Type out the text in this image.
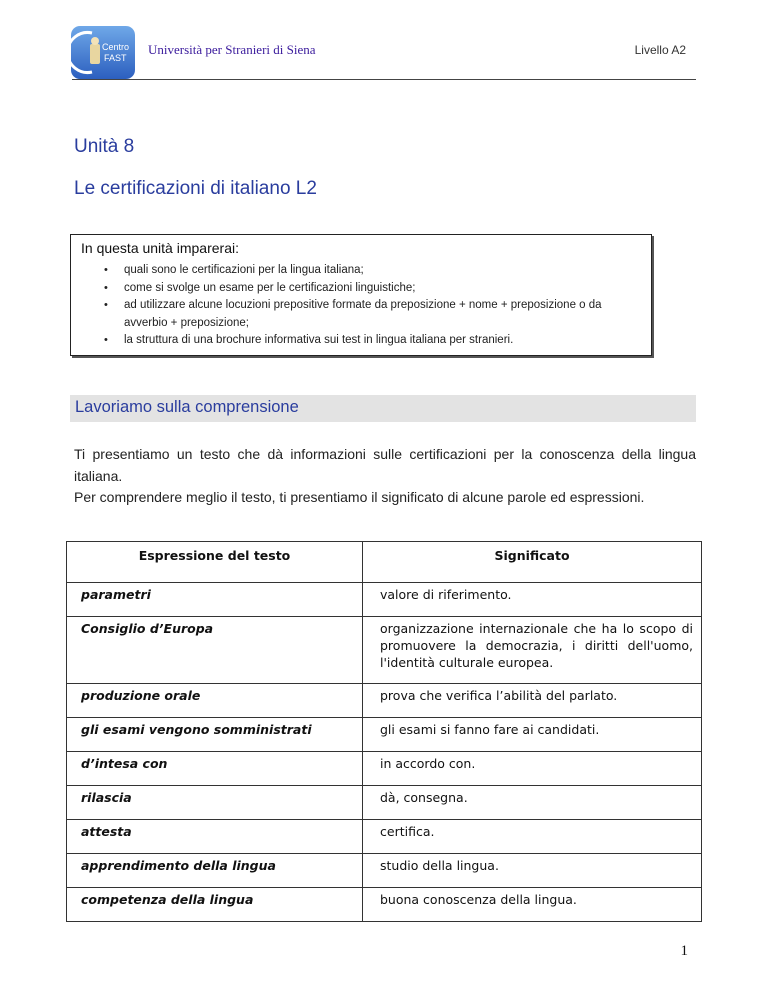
Centro
FAST
Università per Stranieri di Siena	Livello A2
Unità 8
Le certificazioni di italiano L2
In questa unità imparerai:
• quali sono le certificazioni per la lingua italiana;
• come si svolge un esame per le certificazioni linguistiche;
• ad utilizzare alcune locuzioni prepositive formate da preposizione + nome + preposizione o da avverbio + preposizione;
• la struttura di una brochure informativa sui test in lingua italiana per stranieri.
Lavoriamo sulla comprensione

Ti presentiamo un testo che dà informazioni sulle certificazioni per la conoscenza della lingua italiana.

Per comprendere meglio il testo, ti presentiamo il significato di alcune parole ed espressioni.

Espressione del testo	Significato

parametri	valore di riferimento.

Consiglio d’Europa	organizzazione internazionale che ha lo scopo di promuovere la democrazia, i diritti dell'uomo, l'identità culturale europea.

produzione orale	prova che verifica l’abilità del parlato.

gli esami vengono somministrati	gli esami si fanno fare ai candidati.

d’intesa con	in accordo con.

rilascia	dà, consegna.

attesta	certifica.

apprendimento della lingua	studio della lingua.

competenza della lingua	buona conoscenza della lingua.
1
